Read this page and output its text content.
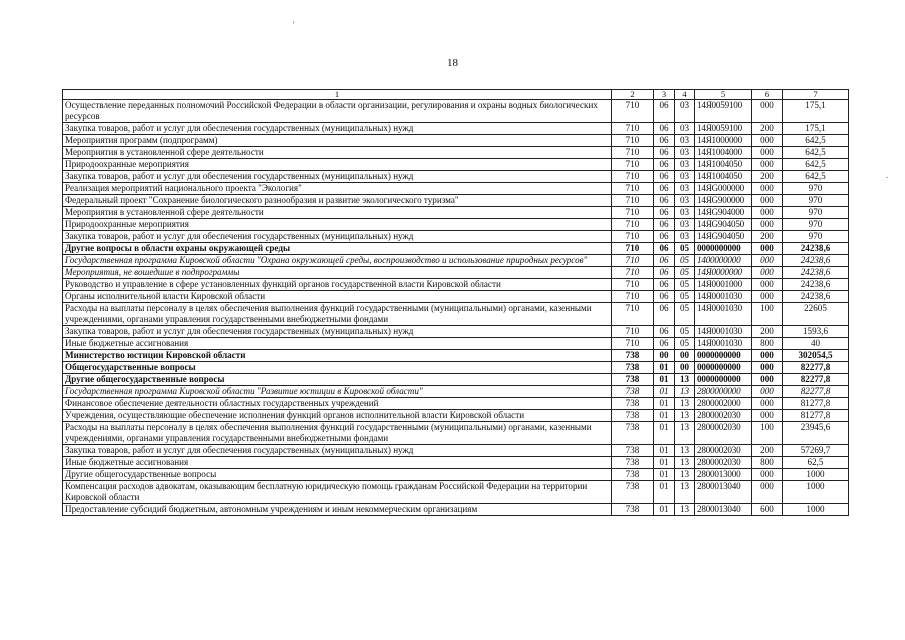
'
.
18
1	2	3	4	5	6	7
Осуществление переданных полномочий Российской Федерации в области организации, регулирования и охраны водных биологических ресурсов	710	06	03	14Я0059100	000	175,1
Закупка товаров, работ и услуг для обеспечения государственных (муниципальных) нужд	710	06	03	14Я0059100	200	175,1
Мероприятия программ (подпрограмм)	710	06	03	14Я1000000	000	642,5
Мероприятия в установленной сфере деятельности	710	06	03	14Я1004000	000	642,5
Природоохранные мероприятия	710	06	03	14Я1004050	000	642,5
Закупка товаров, работ и услуг для обеспечения государственных (муниципальных) нужд	710	06	03	14Я1004050	200	642,5
Реализация мероприятий национального проекта "Экология"	710	06	03	14ЯG000000	000	970
Федеральный проект "Сохранение биологического разнообразия и развитие экологического туризма"	710	06	03	14ЯG900000	000	970
Мероприятия в установленной сфере деятельности	710	06	03	14ЯG904000	000	970
Природоохранные мероприятия	710	06	03	14ЯG904050	000	970
Закупка товаров, работ и услуг для обеспечения государственных (муниципальных) нужд	710	06	03	14ЯG904050	200	970
Другие вопросы в области охраны окружающей среды	710	06	05	0000000000	000	24238,6
Государственная программа Кировской области "Охрана окружающей среды, воспроизводство и использование природных ресурсов"	710	06	05	1400000000	000	24238,6
Мероприятия, не вошедшие в подпрограммы	710	06	05	14Я0000000	000	24238,6
Руководство и управление в сфере установленных функций органов государственной власти Кировской области	710	06	05	14Я0001000	000	24238,6
Органы исполнительной власти Кировской области	710	06	05	14Я0001030	000	24238,6
Расходы на выплаты персоналу в целях обеспечения выполнения функций государственными (муниципальными) органами, казенными учреждениями, органами управления государственными внебюджетными фондами	710	06	05	14Я0001030	100	22605
Закупка товаров, работ и услуг для обеспечения государственных (муниципальных) нужд	710	06	05	14Я0001030	200	1593,6
Иные бюджетные ассигнования	710	06	05	14Я0001030	800	40
Министерство юстиции Кировской области	738	00	00	0000000000	000	302054,5
Общегосударственные вопросы	738	01	00	0000000000	000	82277,8
Другие общегосударственные вопросы	738	01	13	0000000000	000	82277,8
Государственная программа Кировской области "Развитие юстиции в Кировской области"	738	01	13	2800000000	000	82277,8
Финансовое обеспечение деятельности областных государственных учреждений	738	01	13	2800002000	000	81277,8
Учреждения, осуществляющие обеспечение исполнения функций органов исполнительной власти Кировской области	738	01	13	2800002030	000	81277,8
Расходы на выплаты персоналу в целях обеспечения выполнения функций государственными (муниципальными) органами, казенными учреждениями, органами управления государственными внебюджетными фондами	738	01	13	2800002030	100	23945,6
Закупка товаров, работ и услуг для обеспечения государственных (муниципальных) нужд	738	01	13	2800002030	200	57269,7
Иные бюджетные ассигнования	738	01	13	2800002030	800	62,5
Другие общегосударственные вопросы	738	01	13	2800013000	000	1000
Компенсация расходов адвокатам, оказывающим бесплатную юридическую помощь гражданам Российской Федерации на территории Кировской области	738	01	13	2800013040	000	1000
Предоставление субсидий бюджетным, автономным учреждениям и иным некоммерческим организациям	738	01	13	2800013040	600	1000
